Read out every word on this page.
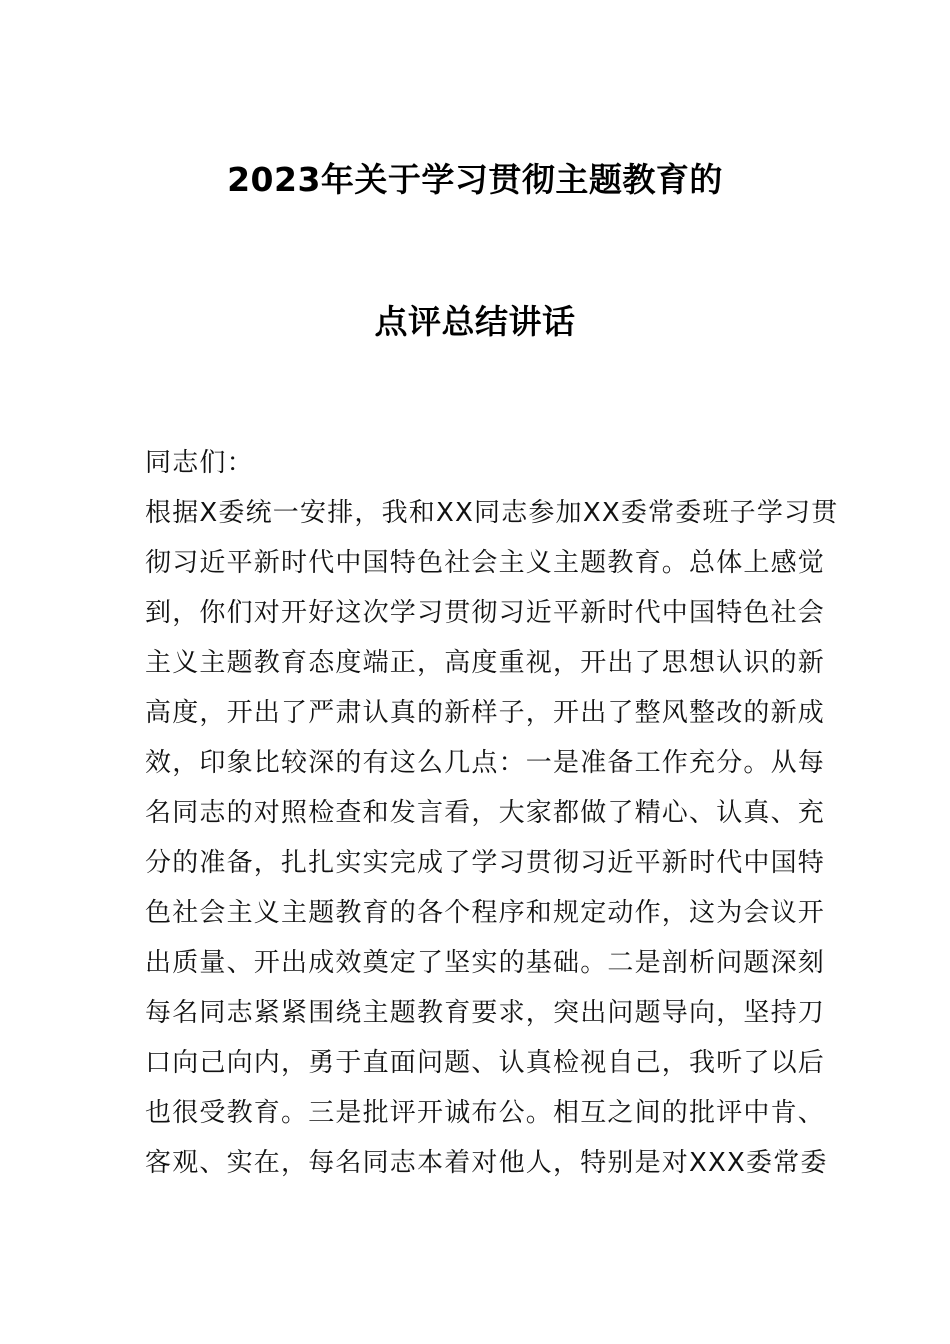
2023年关于学习贯彻主题教育的
点评总结讲话
同志们：
根据X委统一安排，我和XX同志参加XX委常委班子学习贯
彻习近平新时代中国特色社会主义主题教育。总体上感觉
到，你们对开好这次学习贯彻习近平新时代中国特色社会
主义主题教育态度端正，高度重视，开出了思想认识的新
高度，开出了严肃认真的新样子，开出了整风整改的新成
效，印象比较深的有这么几点：一是准备工作充分。从每
名同志的对照检查和发言看，大家都做了精心、认真、充
分的准备，扎扎实实完成了学习贯彻习近平新时代中国特
色社会主义主题教育的各个程序和规定动作，这为会议开
出质量、开出成效奠定了坚实的基础。二是剖析问题深刻
每名同志紧紧围绕主题教育要求，突出问题导向，坚持刀
口向己向内，勇于直面问题、认真检视自己，我听了以后
也很受教育。三是批评开诚布公。相互之间的批评中肯、
客观、实在，每名同志本着对他人，特别是对XXX委常委
